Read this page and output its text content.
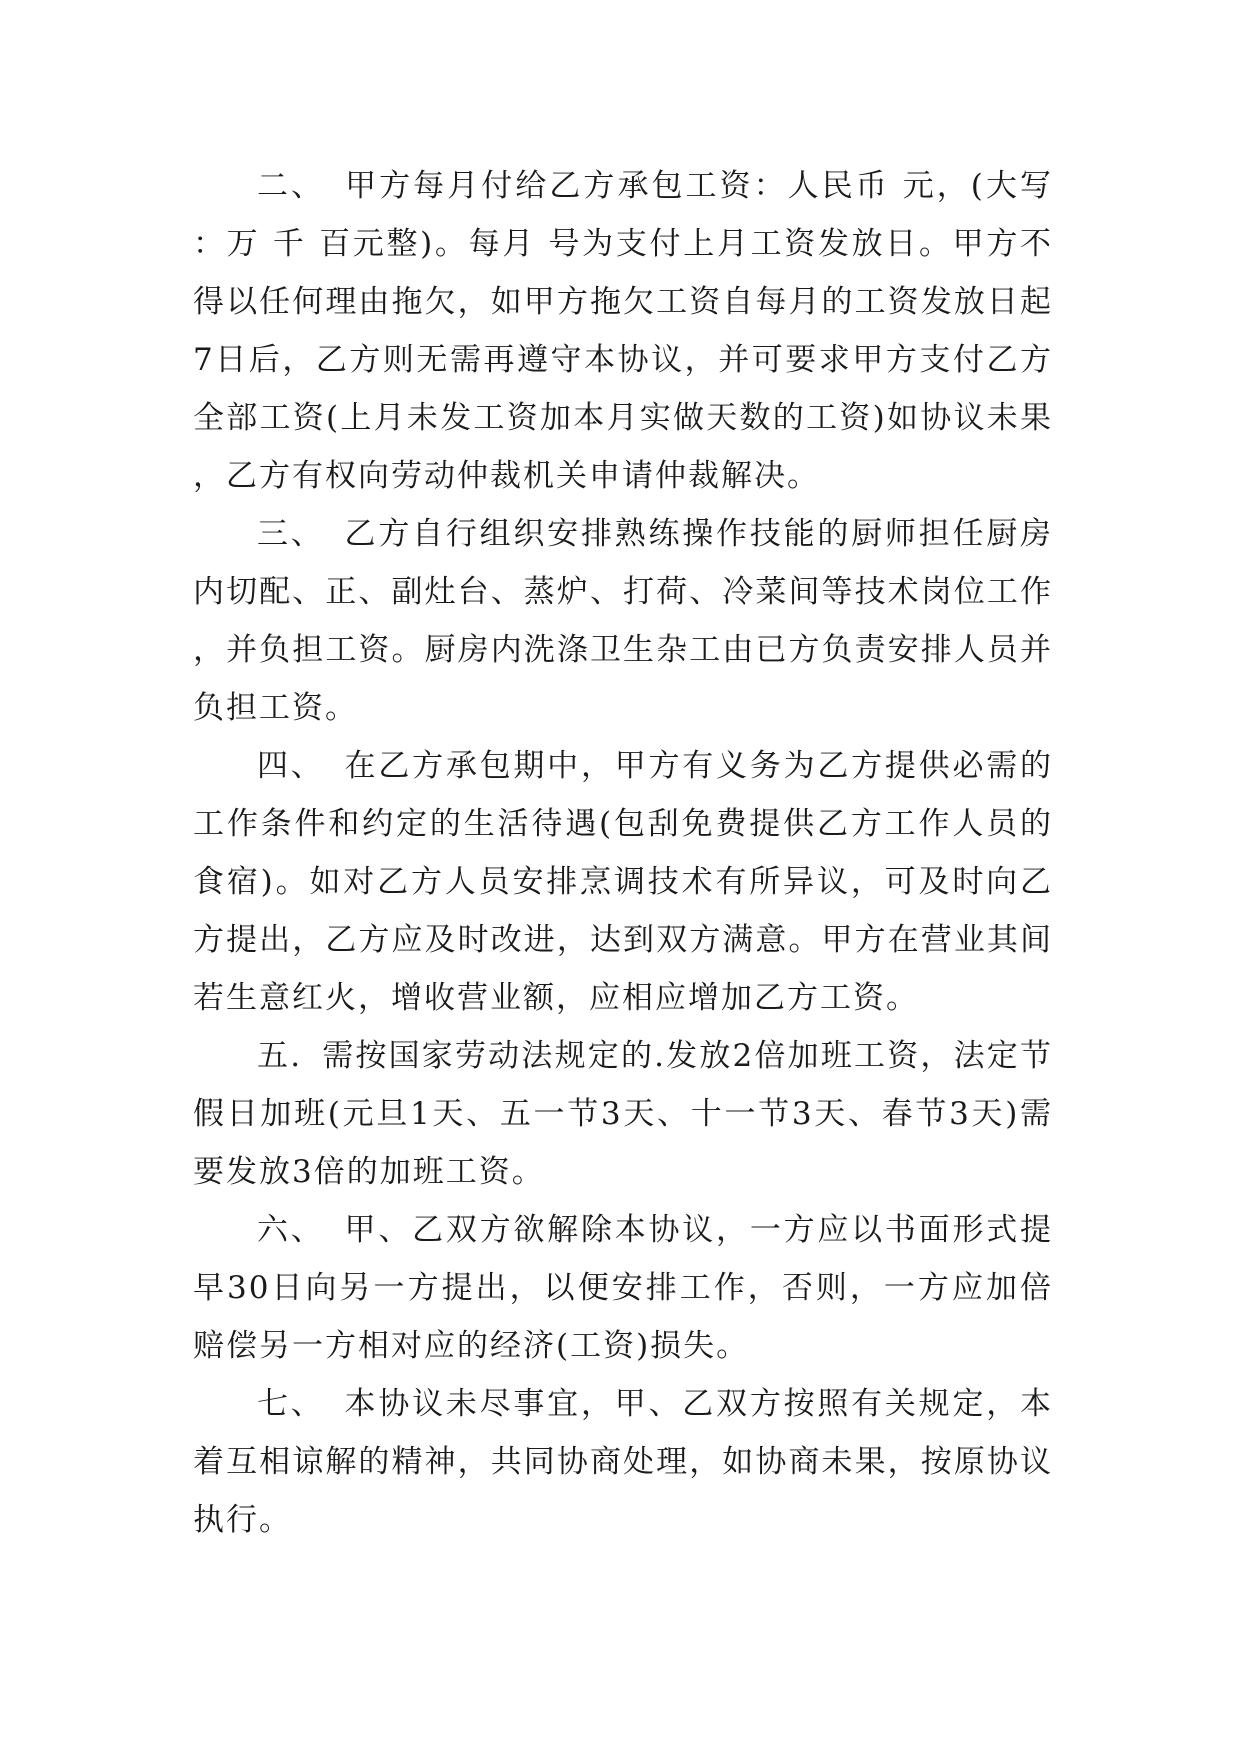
二、 甲方每月付给乙方承包工资：人民币 元，(大写：万 千 百元整)。每月 号为支付上月工资发放日。甲方不得以任何理由拖欠，如甲方拖欠工资自每月的工资发放日起7日后，乙方则无需再遵守本协议，并可要求甲方支付乙方全部工资(上月未发工资加本月实做天数的工资)如协议未果，乙方有权向劳动仲裁机关申请仲裁解决。

三、 乙方自行组织安排熟练操作技能的厨师担任厨房内切配、正、副灶台、蒸炉、打荷、冷菜间等技术岗位工作，并负担工资。厨房内洗涤卫生杂工由已方负责安排人员并负担工资。

四、 在乙方承包期中，甲方有义务为乙方提供必需的工作条件和约定的生活待遇(包刮免费提供乙方工作人员的食宿)。如对乙方人员安排烹调技术有所异议，可及时向乙方提出，乙方应及时改进，达到双方满意。甲方在营业其间若生意红火，增收营业额，应相应增加乙方工资。

五. 需按国家劳动法规定的.发放2倍加班工资，法定节假日加班(元旦1天、五一节3天、十一节3天、春节3天)需要发放3倍的加班工资。

六、 甲、乙双方欲解除本协议，一方应以书面形式提早30日向另一方提出，以便安排工作，否则，一方应加倍赔偿另一方相对应的经济(工资)损失。

七、 本协议未尽事宜，甲、乙双方按照有关规定，本着互相谅解的精神，共同协商处理，如协商未果，按原协议执行。
